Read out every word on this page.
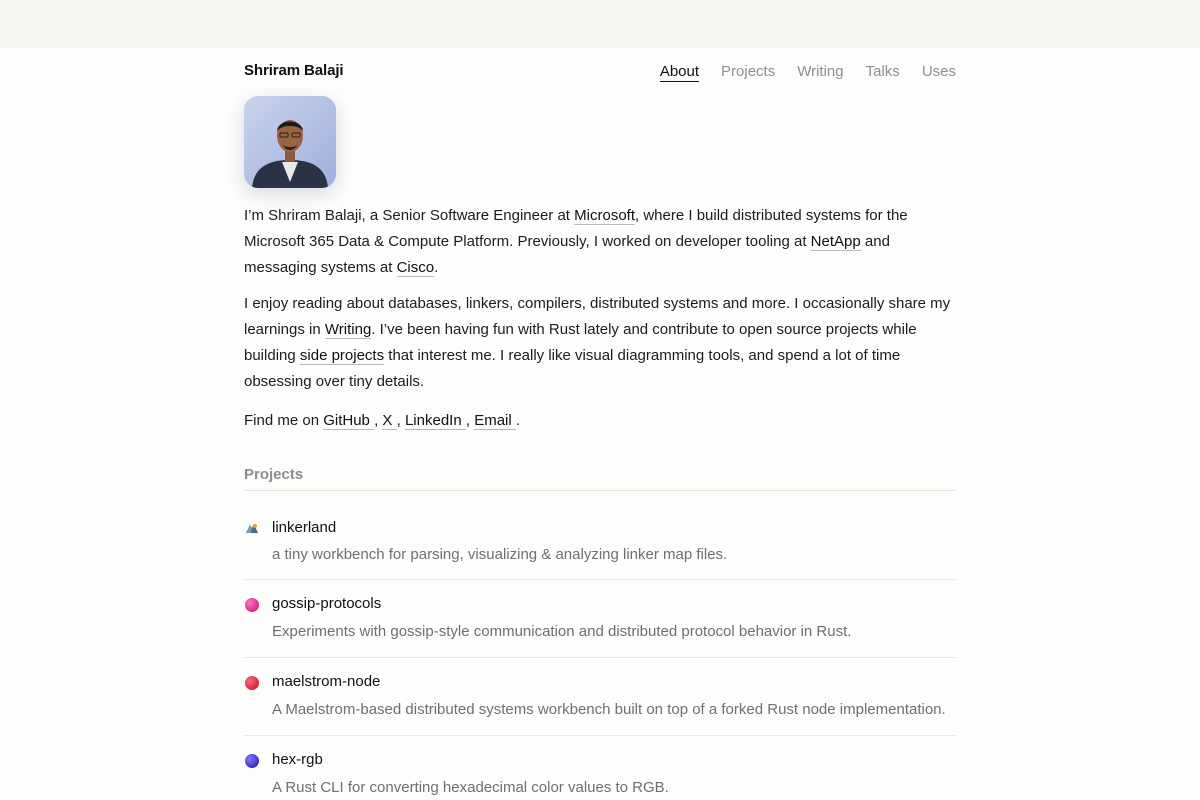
Shriram Balaji	About Projects Writing Talks Uses

I’m Shriram Balaji, a Senior Software Engineer at Microsoft, where I build distributed systems for the Microsoft 365 Data & Compute Platform. Previously, I worked on developer tooling at NetApp and messaging systems at Cisco.

I enjoy reading about databases, linkers, compilers, distributed systems and more. I occasionally share my learnings in Writing. I’ve been having fun with Rust lately and contribute to open source projects while building side projects that interest me. I really like visual diagramming tools, and spend a lot of time obsessing over tiny details.

Find me on GitHub , X , LinkedIn , Email .

Projects
linkerland
a tiny workbench for parsing, visualizing & analyzing linker map files.
gossip-protocols
Experiments with gossip-style communication and distributed protocol behavior in Rust.
maelstrom-node
A Maelstrom-based distributed systems workbench built on top of a forked Rust node implementation.
hex-rgb
A Rust CLI for converting hexadecimal color values to RGB.
